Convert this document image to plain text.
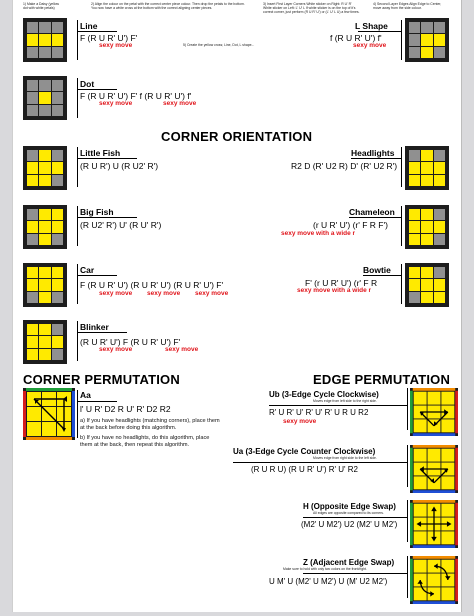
1) Make a Daisy (yellow dot with white petals)
2) Align the colour on the petal with the correct center piece colour. Then drop the petals to the bottom. You now have a white cross at the bottom with the correct aligning center pieces.
3) Insert First Layer Corners White sticker on Right: R U' R' White sticker on Left: L' U' L If white sticker is on the top of it's correct corner, just perform (R U R' U') or (L' U' L U) a few times.
4) Second Layer Edges Align Edge to Center, move away from the side colour.
5) Create the yellow cross; Line, Dot, L shape...
Line
F (R U R' U') F'
sexy move
L Shape
f (R U R' U') f'
sexy move
Dot
F (R U R' U') F' f (R U R' U') f'
sexy move	sexy move
CORNER ORIENTATION
Little Fish
(R U R') U (R U2' R')
Headlights
R2 D (R' U2 R) D' (R' U2 R')
Big Fish
(R U2' R') U' (R U' R')
Chameleon
(r U R' U') (r' F R F')
sexy move with a wide r
Car
F (R U R' U') (R U R' U') (R U R' U') F'
sexy move sexy move sexy move
Bowtie
F' (r U R' U') (r' F R
sexy move with a wide r
Blinker
(R U R' U') F (R U R' U') F'
sexy move	sexy move
CORNER PERMUTATION	EDGE PERMUTATION
Aa
l' U R' D2 R U' R' D2 R2
a) If you have headlights (matching corners), place them at the back before doing this algorithm.
b) If you have no headlights, do this algorithm, place them at the back, then repeat this algorithm.
Ub (3-Edge Cycle Clockwise)
Moves edge from left side to the right side.
R' U R' U' R' U' R' U R U R2
sexy move
Ua (3-Edge Cycle Counter Clockwise)
Moves edge from right side to the left side.
(R U R U) (R U R' U') R' U' R2
H (Opposite Edge Swap)
All edges are opposite compared to its corners.
(M2' U M2') U2 (M2' U M2')
Z (Adjacent Edge Swap)
Make sure to hold with only two colors on the front/right.
U M' U (M2' U M2') U (M' U2 M2')
